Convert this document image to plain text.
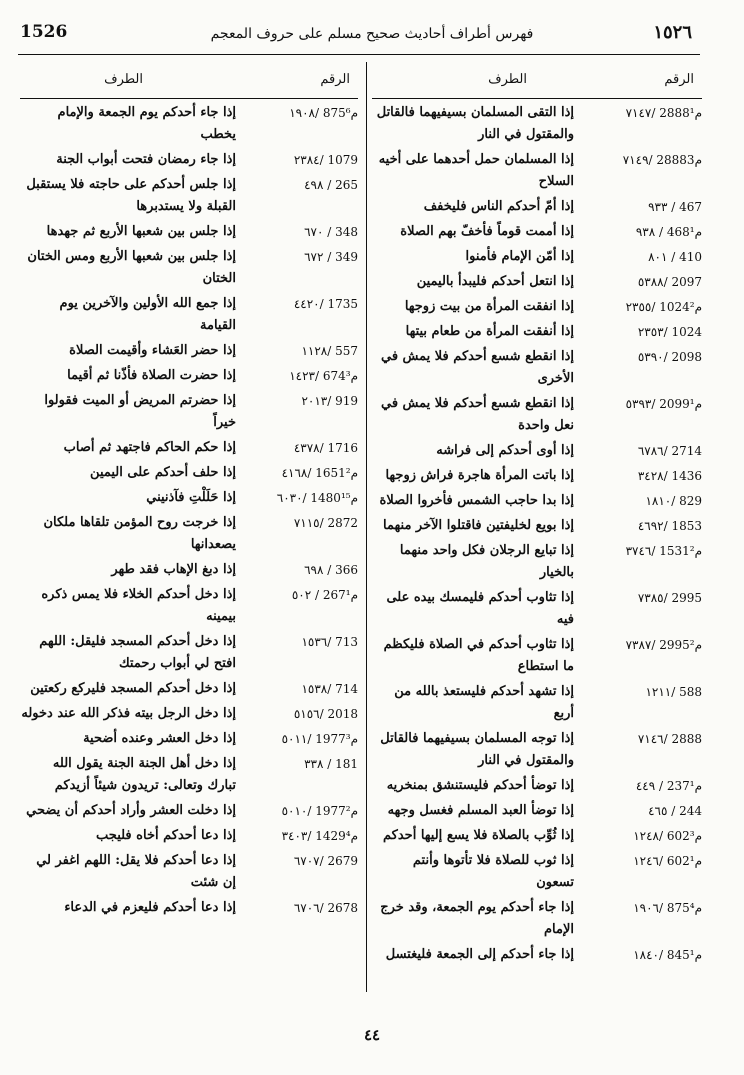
1526	فهرس أطراف أحاديث صحيح مسلم على حروف المعجم	١٥٢٦
الرقم
الطرف
٧١٤٧/ 2888م¹
إذا التقى المسلمان بسيفيهما فالقاتل والمقتول في النار
٧١٤٩/ 2888م3
إذا المسلمان حمل أحدهما على أخيه السلاح
٩٣٣ / 467
إذا أمّ أحدكم الناس فليخفف
٩٣٨ / 468م¹
إذا أممت قوماً فأخفّ بهم الصلاة
٨٠١ / 410
إذا أمّن الإمام فأمنوا
٥٣٨٨/ 2097
إذا انتعل أحدكم فليبدأ باليمين
٢٣٥٥/ 1024م²
إذا انفقت المرأة من بيت زوجها
٢٣٥٣/ 1024
إذا أنفقت المرأة من طعام بيتها
٥٣٩٠/ 2098
إذا انقطع شسع أحدكم فلا يمش في الأخرى
٥٣٩٣/ 2099م¹
إذا انقطع شسع أحدكم فلا يمش في نعل واحدة
٦٧٨٦/ 2714
إذا أوى أحدكم إلى فراشه
٣٤٢٨/ 1436
إذا باتت المرأة هاجرة فراش زوجها
١٨١٠/ 829
إذا بدا حاجب الشمس فأخروا الصلاة
٤٦٩٢/ 1853
إذا بويع لخليفتين فاقتلوا الآخر منهما
٣٧٤٦/ 1531م²
إذا تبايع الرجلان فكل واحد منهما بالخيار
٧٣٨٥/ 2995
إذا تثاوب أحدكم فليمسك بيده على فيه
٧٣٨٧/ 2995م²
إذا تثاوب أحدكم في الصلاة فليكظم ما استطاع
١٢١١/ 588
إذا تشهد أحدكم فليستعذ بالله من أربع
٧١٤٦/ 2888
إذا توجه المسلمان بسيفيهما فالقاتل والمقتول في النار
٤٤٩ / 237م¹
إذا توضأ أحدكم فليستنشق بمنخريه
٤٦٥ / 244
إذا توضأ العبد المسلم فغسل وجهه
١٢٤٨/ 602م³
إذا ثُوِّب بالصلاة فلا يسع إليها أحدكم
١٢٤٦/ 602م¹
إذا ثوب للصلاة فلا تأتوها وأنتم تسعون
١٩٠٦/ 875م⁴
إذا جاء أحدكم يوم الجمعة، وقد خرج الإمام
١٨٤٠/ 845م¹
إذا جاء أحدكم إلى الجمعة فليغتسل
الرقم
الطرف
١٩٠٨/ 875م⁶
إذا جاء أحدكم يوم الجمعة والإمام يخطب
٢٣٨٤/ 1079
إذا جاء رمضان فتحت أبواب الجنة
٤٩٨ / 265
إذا جلس أحدكم على حاجته فلا يستقبل القبلة ولا يستدبرها
٦٧٠ / 348
إذا جلس بين شعبها الأربع ثم جهدها
٦٧٢ / 349
إذا جلس بين شعبها الأربع ومس الختان الختان
٤٤٢٠/ 1735
إذا جمع الله الأولين والآخرين يوم القيامة
١١٢٨/ 557
إذا حضر العَشاء وأقيمت الصلاة
١٤٢٣/ 674م³
إذا حضرت الصلاة فأذّنا ثم أقيما
٢٠١٣/ 919
إذا حضرتم المريض أو الميت فقولوا خيراً
٤٣٧٨/ 1716
إذا حكم الحاكم فاجتهد ثم أصاب
٤١٦٨/ 1651م²
إذا حلف أحدكم على اليمين
٦٠٣٠/ 1480م¹⁵
إذا حَلَلْتِ فآذنيني
٧١١٥/ 2872
إذا خرجت روح المؤمن تلقاها ملكان يصعدانها
٦٩٨ / 366
إذا دبغ الإهاب فقد طهر
٥٠٢ / 267م¹
إذا دخل أحدكم الخلاء فلا يمس ذكره بيمينه
١٥٣٦/ 713
إذا دخل أحدكم المسجد فليقل: اللهم افتح لي أبواب رحمتك
١٥٣٨/ 714
إذا دخل أحدكم المسجد فليركع ركعتين
٥١٥٦/ 2018
إذا دخل الرجل بيته فذكر الله عند دخوله
٥٠١١/ 1977م³
إذا دخل العشر وعنده أضحية
٣٣٨ / 181
إذا دخل أهل الجنة الجنة يقول الله تبارك وتعالى: تريدون شيئاً أزيدكم
٥٠١٠/ 1977م²
إذا دخلت العشر وأراد أحدكم أن يضحي
٣٤٠٣/ 1429م⁴
إذا دعا أحدكم أخاه فليجب
٦٧٠٧/ 2679
إذا دعا أحدكم فلا يقل: اللهم اغفر لي إن شئت
٦٧٠٦/ 2678
إذا دعا أحدكم فليعزم في الدعاء
٤٤
